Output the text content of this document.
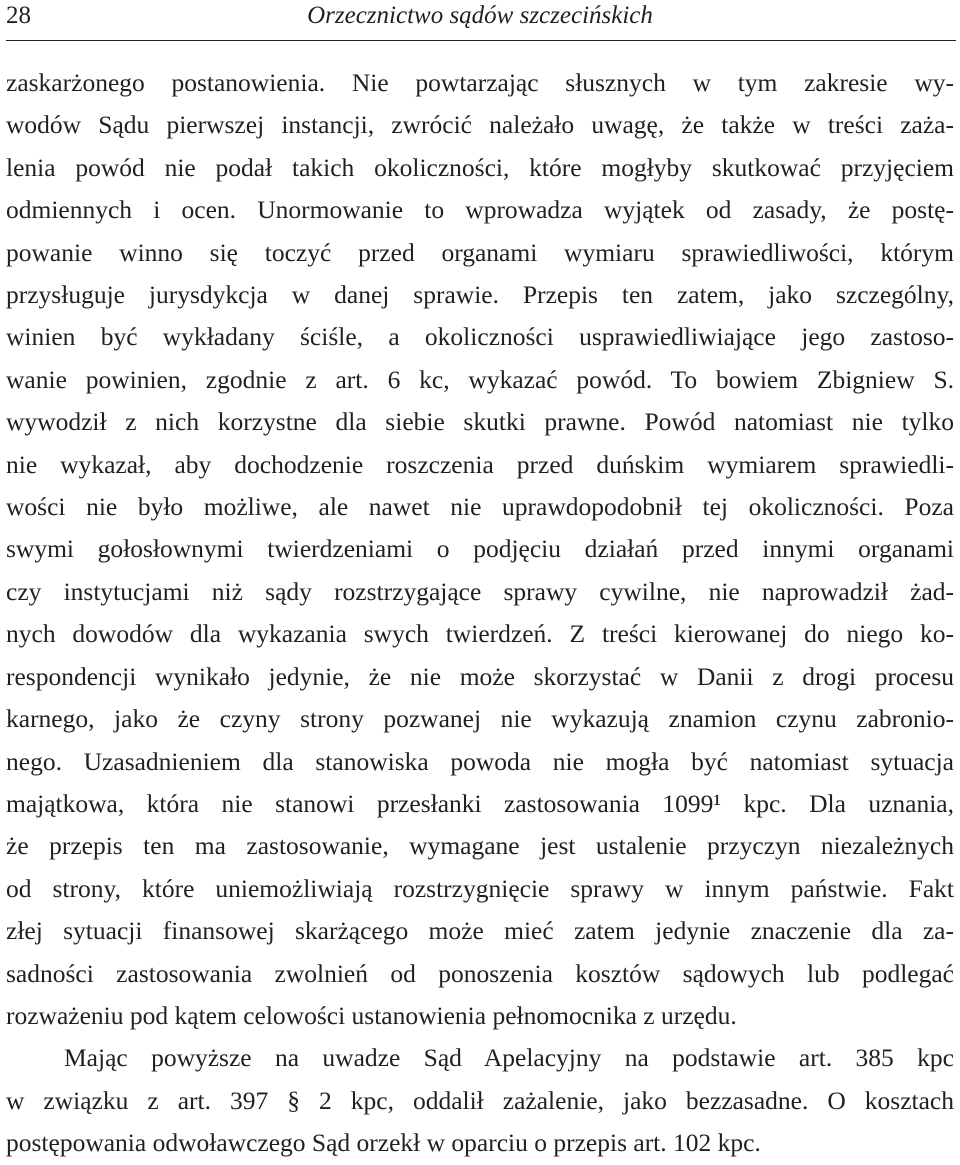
28	Orzecznictwo sądów szczecińskich

zaskarżonego postanowienia. Nie powtarzając słusznych w tym zakresie wy-
wodów Sądu pierwszej instancji, zwrócić należało uwagę, że także w treści zaża-
lenia powód nie podał takich okoliczności, które mogłyby skutkować przyjęciem
odmiennych i ocen. Unormowanie to wprowadza wyjątek od zasady, że postę-
powanie winno się toczyć przed organami wymiaru sprawiedliwości, którym
przysługuje jurysdykcja w danej sprawie. Przepis ten zatem, jako szczególny,
winien być wykładany ściśle, a okoliczności usprawiedliwiające jego zastoso-
wanie powinien, zgodnie z art. 6 kc, wykazać powód. To bowiem Zbigniew S.
wywodził z nich korzystne dla siebie skutki prawne. Powód natomiast nie tylko
nie wykazał, aby dochodzenie roszczenia przed duńskim wymiarem sprawiedli-
wości nie było możliwe, ale nawet nie uprawdopodobnił tej okoliczności. Poza
swymi gołosłownymi twierdzeniami o podjęciu działań przed innymi organami
czy instytucjami niż sądy rozstrzygające sprawy cywilne, nie naprowadził żad-
nych dowodów dla wykazania swych twierdzeń. Z treści kierowanej do niego ko-
respondencji wynikało jedynie, że nie może skorzystać w Danii z drogi procesu
karnego, jako że czyny strony pozwanej nie wykazują znamion czynu zabronio-
nego. Uzasadnieniem dla stanowiska powoda nie mogła być natomiast sytuacja
majątkowa, która nie stanowi przesłanki zastosowania 1099¹ kpc. Dla uznania,
że przepis ten ma zastosowanie, wymagane jest ustalenie przyczyn niezależnych
od strony, które uniemożliwiają rozstrzygnięcie sprawy w innym państwie. Fakt
złej sytuacji finansowej skarżącego może mieć zatem jedynie znaczenie dla za-
sadności zastosowania zwolnień od ponoszenia kosztów sądowych lub podlegać
rozważeniu pod kątem celowości ustanowienia pełnomocnika z urzędu.

Mając powyższe na uwadze Sąd Apelacyjny na podstawie art. 385 kpc
w związku z art. 397 § 2 kpc, oddalił zażalenie, jako bezzasadne. O kosztach
postępowania odwoławczego Sąd orzekł w oparciu o przepis art. 102 kpc.
